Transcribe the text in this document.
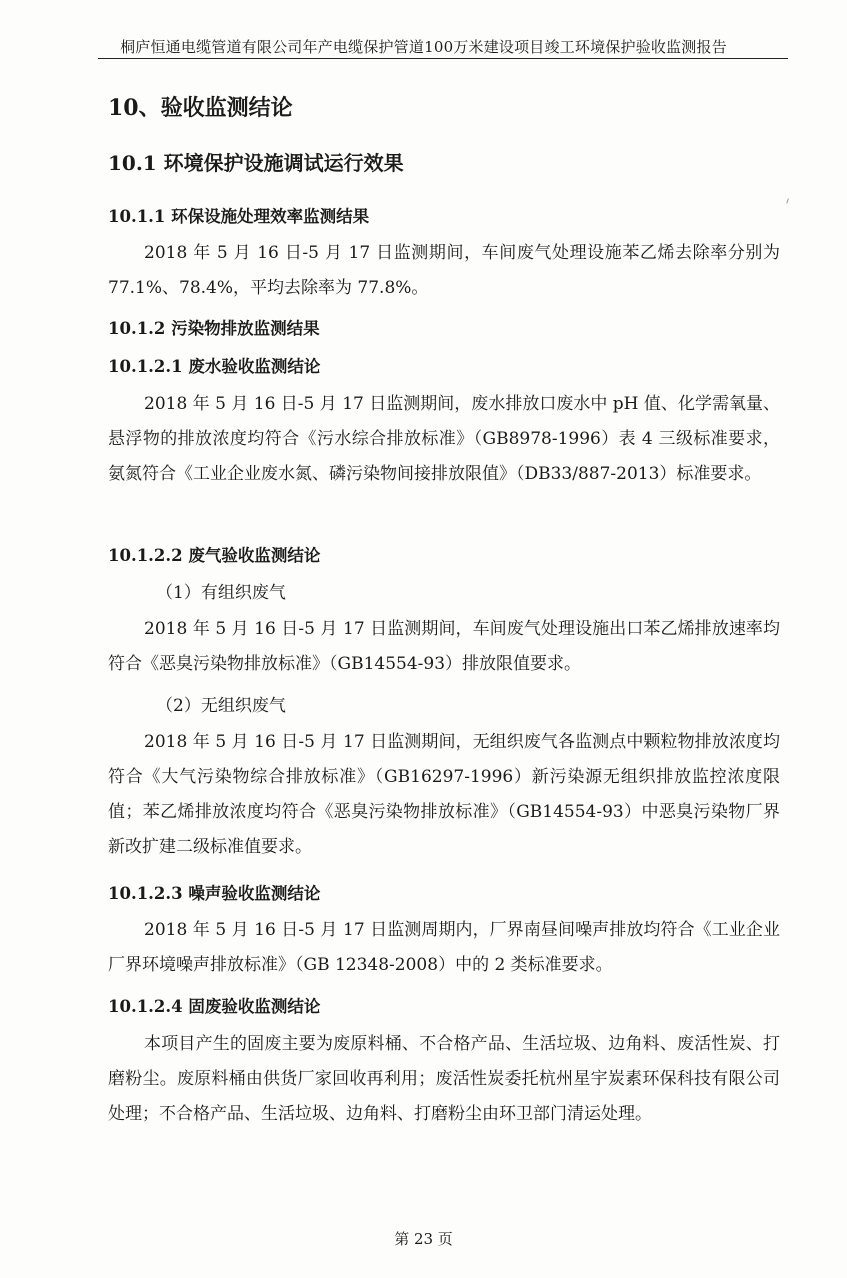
桐庐恒通电缆管道有限公司年产电缆保护管道100万米建设项目竣工环境保护验收监测报告
10、验收监测结论
10.1 环境保护设施调试运行效果
10.1.1 环保设施处理效率监测结果
2018 年 5 月 16 日-5 月 17 日监测期间，车间废气处理设施苯乙烯去除率分别为 77.1%、78.4%，平均去除率为 77.8%。
10.1.2 污染物排放监测结果
10.1.2.1 废水验收监测结论
2018 年 5 月 16 日-5 月 17 日监测期间，废水排放口废水中 pH 值、化学需氧量、悬浮物的排放浓度均符合《污水综合排放标准》（GB8978-1996）表 4 三级标准要求，氨氮符合《工业企业废水氮、磷污染物间接排放限值》（DB33/887-2013）标准要求。
10.1.2.2 废气验收监测结论
（1）有组织废气
2018 年 5 月 16 日-5 月 17 日监测期间，车间废气处理设施出口苯乙烯排放速率均符合《恶臭污染物排放标准》（GB14554-93）排放限值要求。
（2）无组织废气
2018 年 5 月 16 日-5 月 17 日监测期间，无组织废气各监测点中颗粒物排放浓度均符合《大气污染物综合排放标准》（GB16297-1996）新污染源无组织排放监控浓度限值；苯乙烯排放浓度均符合《恶臭污染物排放标准》（GB14554-93）中恶臭污染物厂界新改扩建二级标准值要求。
10.1.2.3 噪声验收监测结论
2018 年 5 月 16 日-5 月 17 日监测周期内，厂界南昼间噪声排放均符合《工业企业厂界环境噪声排放标准》（GB 12348-2008）中的 2 类标准要求。
10.1.2.4 固废验收监测结论
本项目产生的固废主要为废原料桶、不合格产品、生活垃圾、边角料、废活性炭、打磨粉尘。废原料桶由供货厂家回收再利用；废活性炭委托杭州星宇炭素环保科技有限公司处理；不合格产品、生活垃圾、边角料、打磨粉尘由环卫部门清运处理。
第 23 页
